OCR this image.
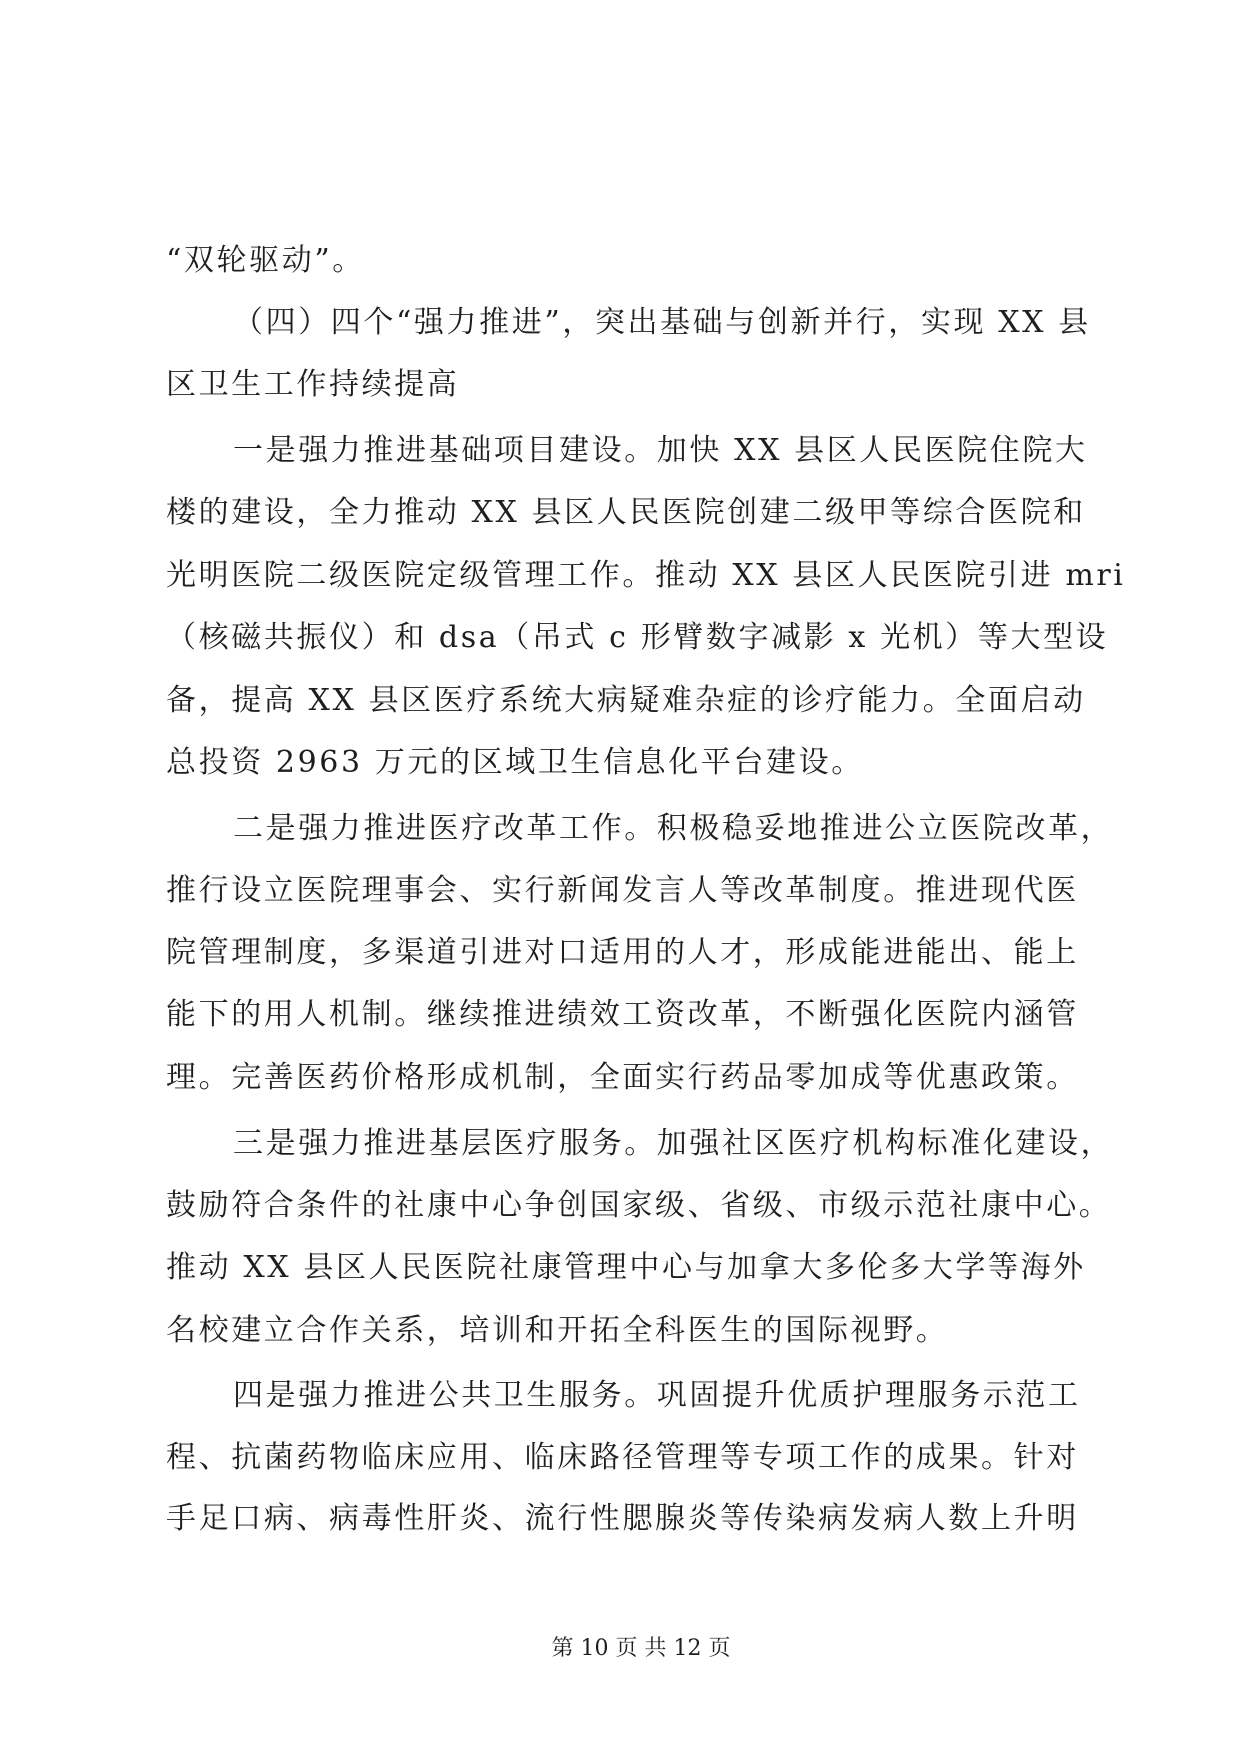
“双轮驱动”。
（四）四个“强力推进”，突出基础与创新并行，实现 XX 县
区卫生工作持续提高
一是强力推进基础项目建设。加快 XX 县区人民医院住院大
楼的建设，全力推动 XX 县区人民医院创建二级甲等综合医院和
光明医院二级医院定级管理工作。推动 XX 县区人民医院引进 mri
（核磁共振仪）和 dsa（吊式 c 形臂数字减影 x 光机）等大型设
备，提高 XX 县区医疗系统大病疑难杂症的诊疗能力。全面启动
总投资 2963 万元的区域卫生信息化平台建设。
二是强力推进医疗改革工作。积极稳妥地推进公立医院改革，
推行设立医院理事会、实行新闻发言人等改革制度。推进现代医
院管理制度，多渠道引进对口适用的人才，形成能进能出、能上
能下的用人机制。继续推进绩效工资改革，不断强化医院内涵管
理。完善医药价格形成机制，全面实行药品零加成等优惠政策。
三是强力推进基层医疗服务。加强社区医疗机构标准化建设，
鼓励符合条件的社康中心争创国家级、省级、市级示范社康中心。
推动 XX 县区人民医院社康管理中心与加拿大多伦多大学等海外
名校建立合作关系，培训和开拓全科医生的国际视野。
四是强力推进公共卫生服务。巩固提升优质护理服务示范工
程、抗菌药物临床应用、临床路径管理等专项工作的成果。针对
手足口病、病毒性肝炎、流行性腮腺炎等传染病发病人数上升明
第 10 页 共 12 页
